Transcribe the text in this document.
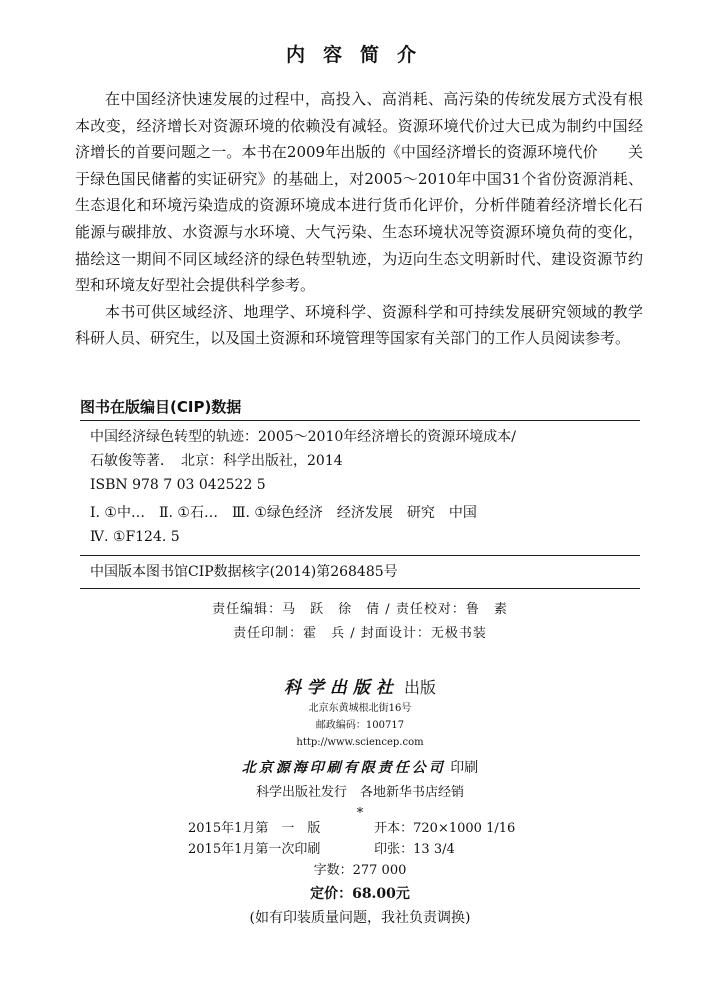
内容简介

在中国经济快速发展的过程中，高投入、高消耗、高污染的传统发展方式没有根本改变，经济增长对资源环境的依赖没有减轻。资源环境代价过大已成为制约中国经济增长的首要问题之一。本书在2009年出版的《中国经济增长的资源环境代价　　关于绿色国民储蓄的实证研究》的基础上，对2005～2010年中国31个省份资源消耗、生态退化和环境污染造成的资源环境成本进行货币化评价，分析伴随着经济增长化石能源与碳排放、水资源与水环境、大气污染、生态环境状况等资源环境负荷的变化，描绘这一期间不同区域经济的绿色转型轨迹，为迈向生态文明新时代、建设资源节约型和环境友好型社会提供科学参考。

本书可供区域经济、地理学、环境科学、资源科学和可持续发展研究领域的教学科研人员、研究生，以及国土资源和环境管理等国家有关部门的工作人员阅读参考。

图书在版编目(CIP)数据
中国经济绿色转型的轨迹：2005～2010年经济增长的资源环境成本/
石敏俊等著．　北京：科学出版社，2014
ISBN 978 7 03 042522 5
Ⅰ. ①中…　Ⅱ. ①石…　Ⅲ. ①绿色经济　经济发展　研究　中国
Ⅳ. ①F124. 5
中国版本图书馆CIP数据核字(2014)第268485号
责任编辑：马　跃　徐　倩 / 责任校对：鲁　素
责任印制：霍　兵 / 封面设计：无极书装
科学出版社 出版
北京东黄城根北街16号
邮政编码：100717
http://www.sciencep.com
北京源海印刷有限责任公司 印刷
科学出版社发行　各地新华书店经销
*
2015年1月第　一　版	开本：720×1000 1/16
2015年1月第一次印刷	印张：13 3/4
字数：277 000
定价：68.00元
(如有印装质量问题，我社负责调换)
